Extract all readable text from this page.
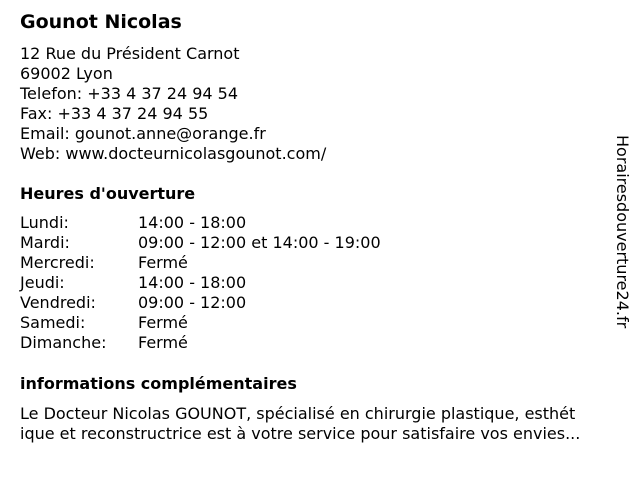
Gounot Nicolas
12 Rue du Président Carnot
69002 Lyon
Telefon: +33 4 37 24 94 54
Fax: +33 4 37 24 94 55
Email: gounot.anne@orange.fr
Web: www.docteurnicolasgounot.com/
Heures d'ouverture
Lundi:	14:00 - 18:00
Mardi:	09:00 - 12:00 et 14:00 - 19:00
Mercredi:	Fermé
Jeudi:	14:00 - 18:00
Vendredi:	09:00 - 12:00
Samedi:	Fermé
Dimanche: Fermé
informations complémentaires
Le Docteur Nicolas GOUNOT, spécialisé en chirurgie plastique, esthét
ique et reconstructrice est à votre service pour satisfaire vos envies...
Horairesdouverture24.fr
